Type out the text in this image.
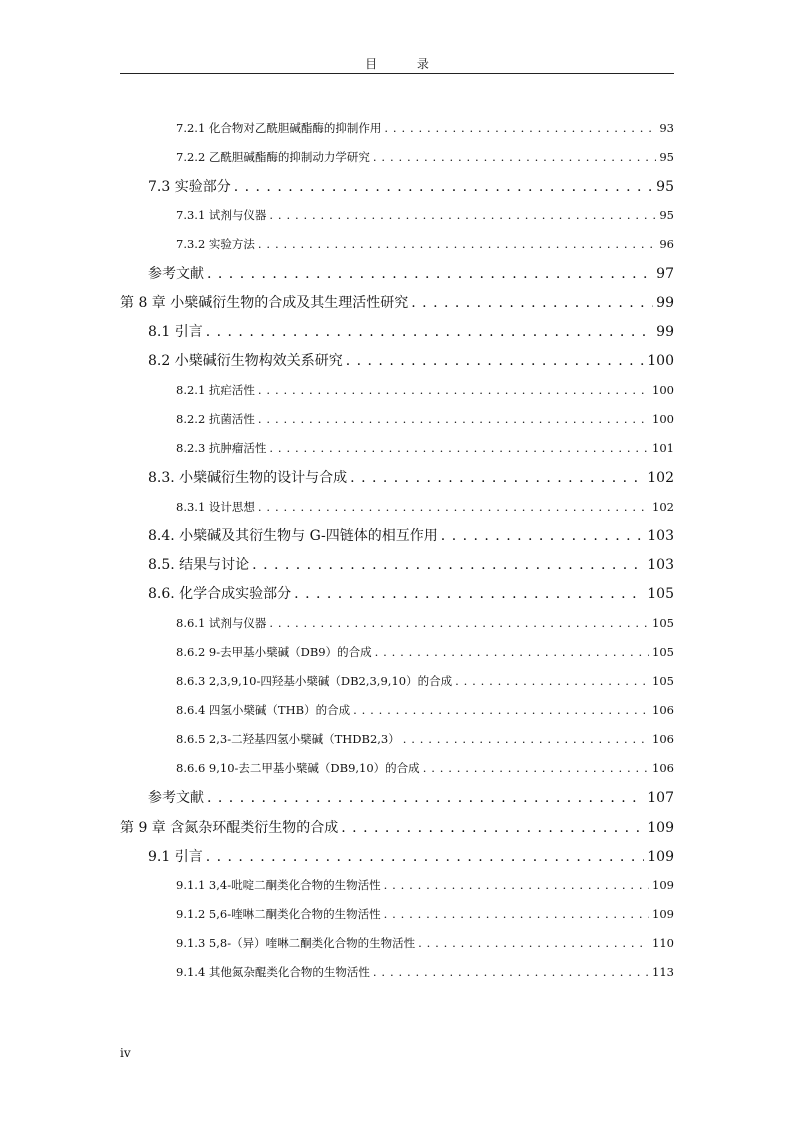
目 录
7.2.1 化合物对乙酰胆碱酯酶的抑制作用 . . .	93
7.2.2 乙酰胆碱酯酶的抑制动力学研究 . . .	95
7.3 实验部分 . . .	95
7.3.1 试剂与仪器 . . .	95
7.3.2 实验方法 . . .	96
参考文献 . . .	97
第 8 章 小檗碱衍生物的合成及其生理活性研究 . . .	99
8.1 引言 . . .	99
8.2 小檗碱衍生物构效关系研究 . . .	100
8.2.1 抗疟活性 . . .	100
8.2.2 抗菌活性 . . .	100
8.2.3 抗肿瘤活性 . . .	101
8.3. 小檗碱衍生物的设计与合成 . . .	102
8.3.1 设计思想 . . .	102
8.4. 小檗碱及其衍生物与 G-四链体的相互作用 . . .	103
8.5. 结果与讨论 . . .	103
8.6. 化学合成实验部分 . . .	105
8.6.1 试剂与仪器 . . .	105
8.6.2 9-去甲基小檗碱（DB9）的合成 . . .	105
8.6.3 2,3,9,10-四羟基小檗碱（DB2,3,9,10）的合成 . . .	105
8.6.4 四氢小檗碱（THB）的合成 . . .	106
8.6.5 2,3-二羟基四氢小檗碱（THDB2,3） . . .	106
8.6.6 9,10-去二甲基小檗碱（DB9,10）的合成 . . .	106
参考文献 . . .	107
第 9 章 含氮杂环醌类衍生物的合成 . . .	109
9.1 引言 . . .	109
9.1.1 3,4-吡啶二酮类化合物的生物活性 . . .	109
9.1.2 5,6-喹啉二酮类化合物的生物活性 . . .	109
9.1.3 5,8-（异）喹啉二酮类化合物的生物活性 . . .	110
9.1.4 其他氮杂醌类化合物的生物活性 . . .	113
iv
